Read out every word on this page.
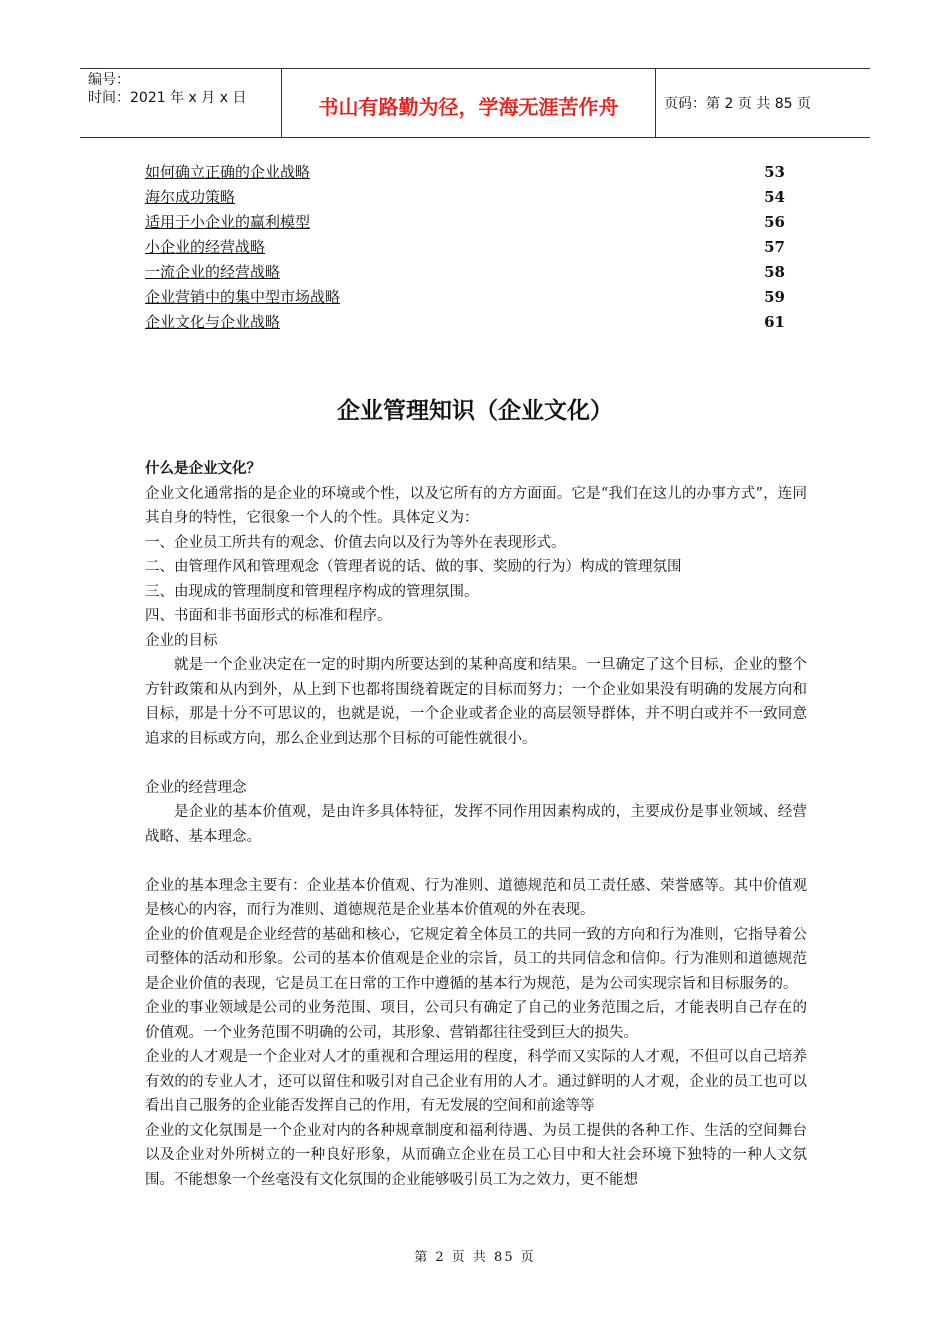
编号：
时间：2021 年 x 月 x 日	书山有路勤为径，学海无涯苦作舟	页码：第 2 页 共 85 页
如何确立正确的企业战略	53
海尔成功策略	54
适用于小企业的赢利模型	56
小企业的经营战略	57
一流企业的经营战略	58
企业营销中的集中型市场战略	59
企业文化与企业战略	61
企业管理知识（企业文化）

什么是企业文化？

企业文化通常指的是企业的环境或个性，以及它所有的方方面面。它是“我们在这儿的办事方式”，连同其自身的特性，它很象一个人的个性。具体定义为：

一、企业员工所共有的观念、价值去向以及行为等外在表现形式。

二、由管理作风和管理观念（管理者说的话、做的事、奖励的行为）构成的管理氛围

三、由现成的管理制度和管理程序构成的管理氛围。

四、书面和非书面形式的标准和程序。

企业的目标

就是一个企业决定在一定的时期内所要达到的某种高度和结果。一旦确定了这个目标，企业的整个方针政策和从内到外，从上到下也都将围绕着既定的目标而努力；一个企业如果没有明确的发展方向和目标，那是十分不可思议的，也就是说，一个企业或者企业的高层领导群体，并不明白或并不一致同意追求的目标或方向，那么企业到达那个目标的可能性就很小。

企业的经营理念

是企业的基本价值观，是由许多具体特征，发挥不同作用因素构成的，主要成份是事业领域、经营战略、基本理念。

企业的基本理念主要有：企业基本价值观、行为准则、道德规范和员工责任感、荣誉感等。其中价值观是核心的内容，而行为准则、道德规范是企业基本价值观的外在表现。

企业的价值观是企业经营的基础和核心，它规定着全体员工的共同一致的方向和行为准则，它指导着公司整体的活动和形象。公司的基本价值观是企业的宗旨，员工的共同信念和信仰。行为准则和道德规范是企业价值的表现，它是员工在日常的工作中遵循的基本行为规范，是为公司实现宗旨和目标服务的。

企业的事业领域是公司的业务范围、项目，公司只有确定了自己的业务范围之后，才能表明自己存在的价值观。一个业务范围不明确的公司，其形象、营销都往往受到巨大的损失。

企业的人才观是一个企业对人才的重视和合理运用的程度，科学而又实际的人才观，不但可以自己培养有效的的专业人才，还可以留住和吸引对自己企业有用的人才。通过鲜明的人才观，企业的员工也可以看出自己服务的企业能否发挥自己的作用，有无发展的空间和前途等等

企业的文化氛围是一个企业对内的各种规章制度和福利待遇、为员工提供的各种工作、生活的空间舞台以及企业对外所树立的一种良好形象，从而确立企业在员工心目中和大社会环境下独特的一种人文氛围。不能想象一个丝毫没有文化氛围的企业能够吸引员工为之效力，更不能想

第 2 页 共 85 页
